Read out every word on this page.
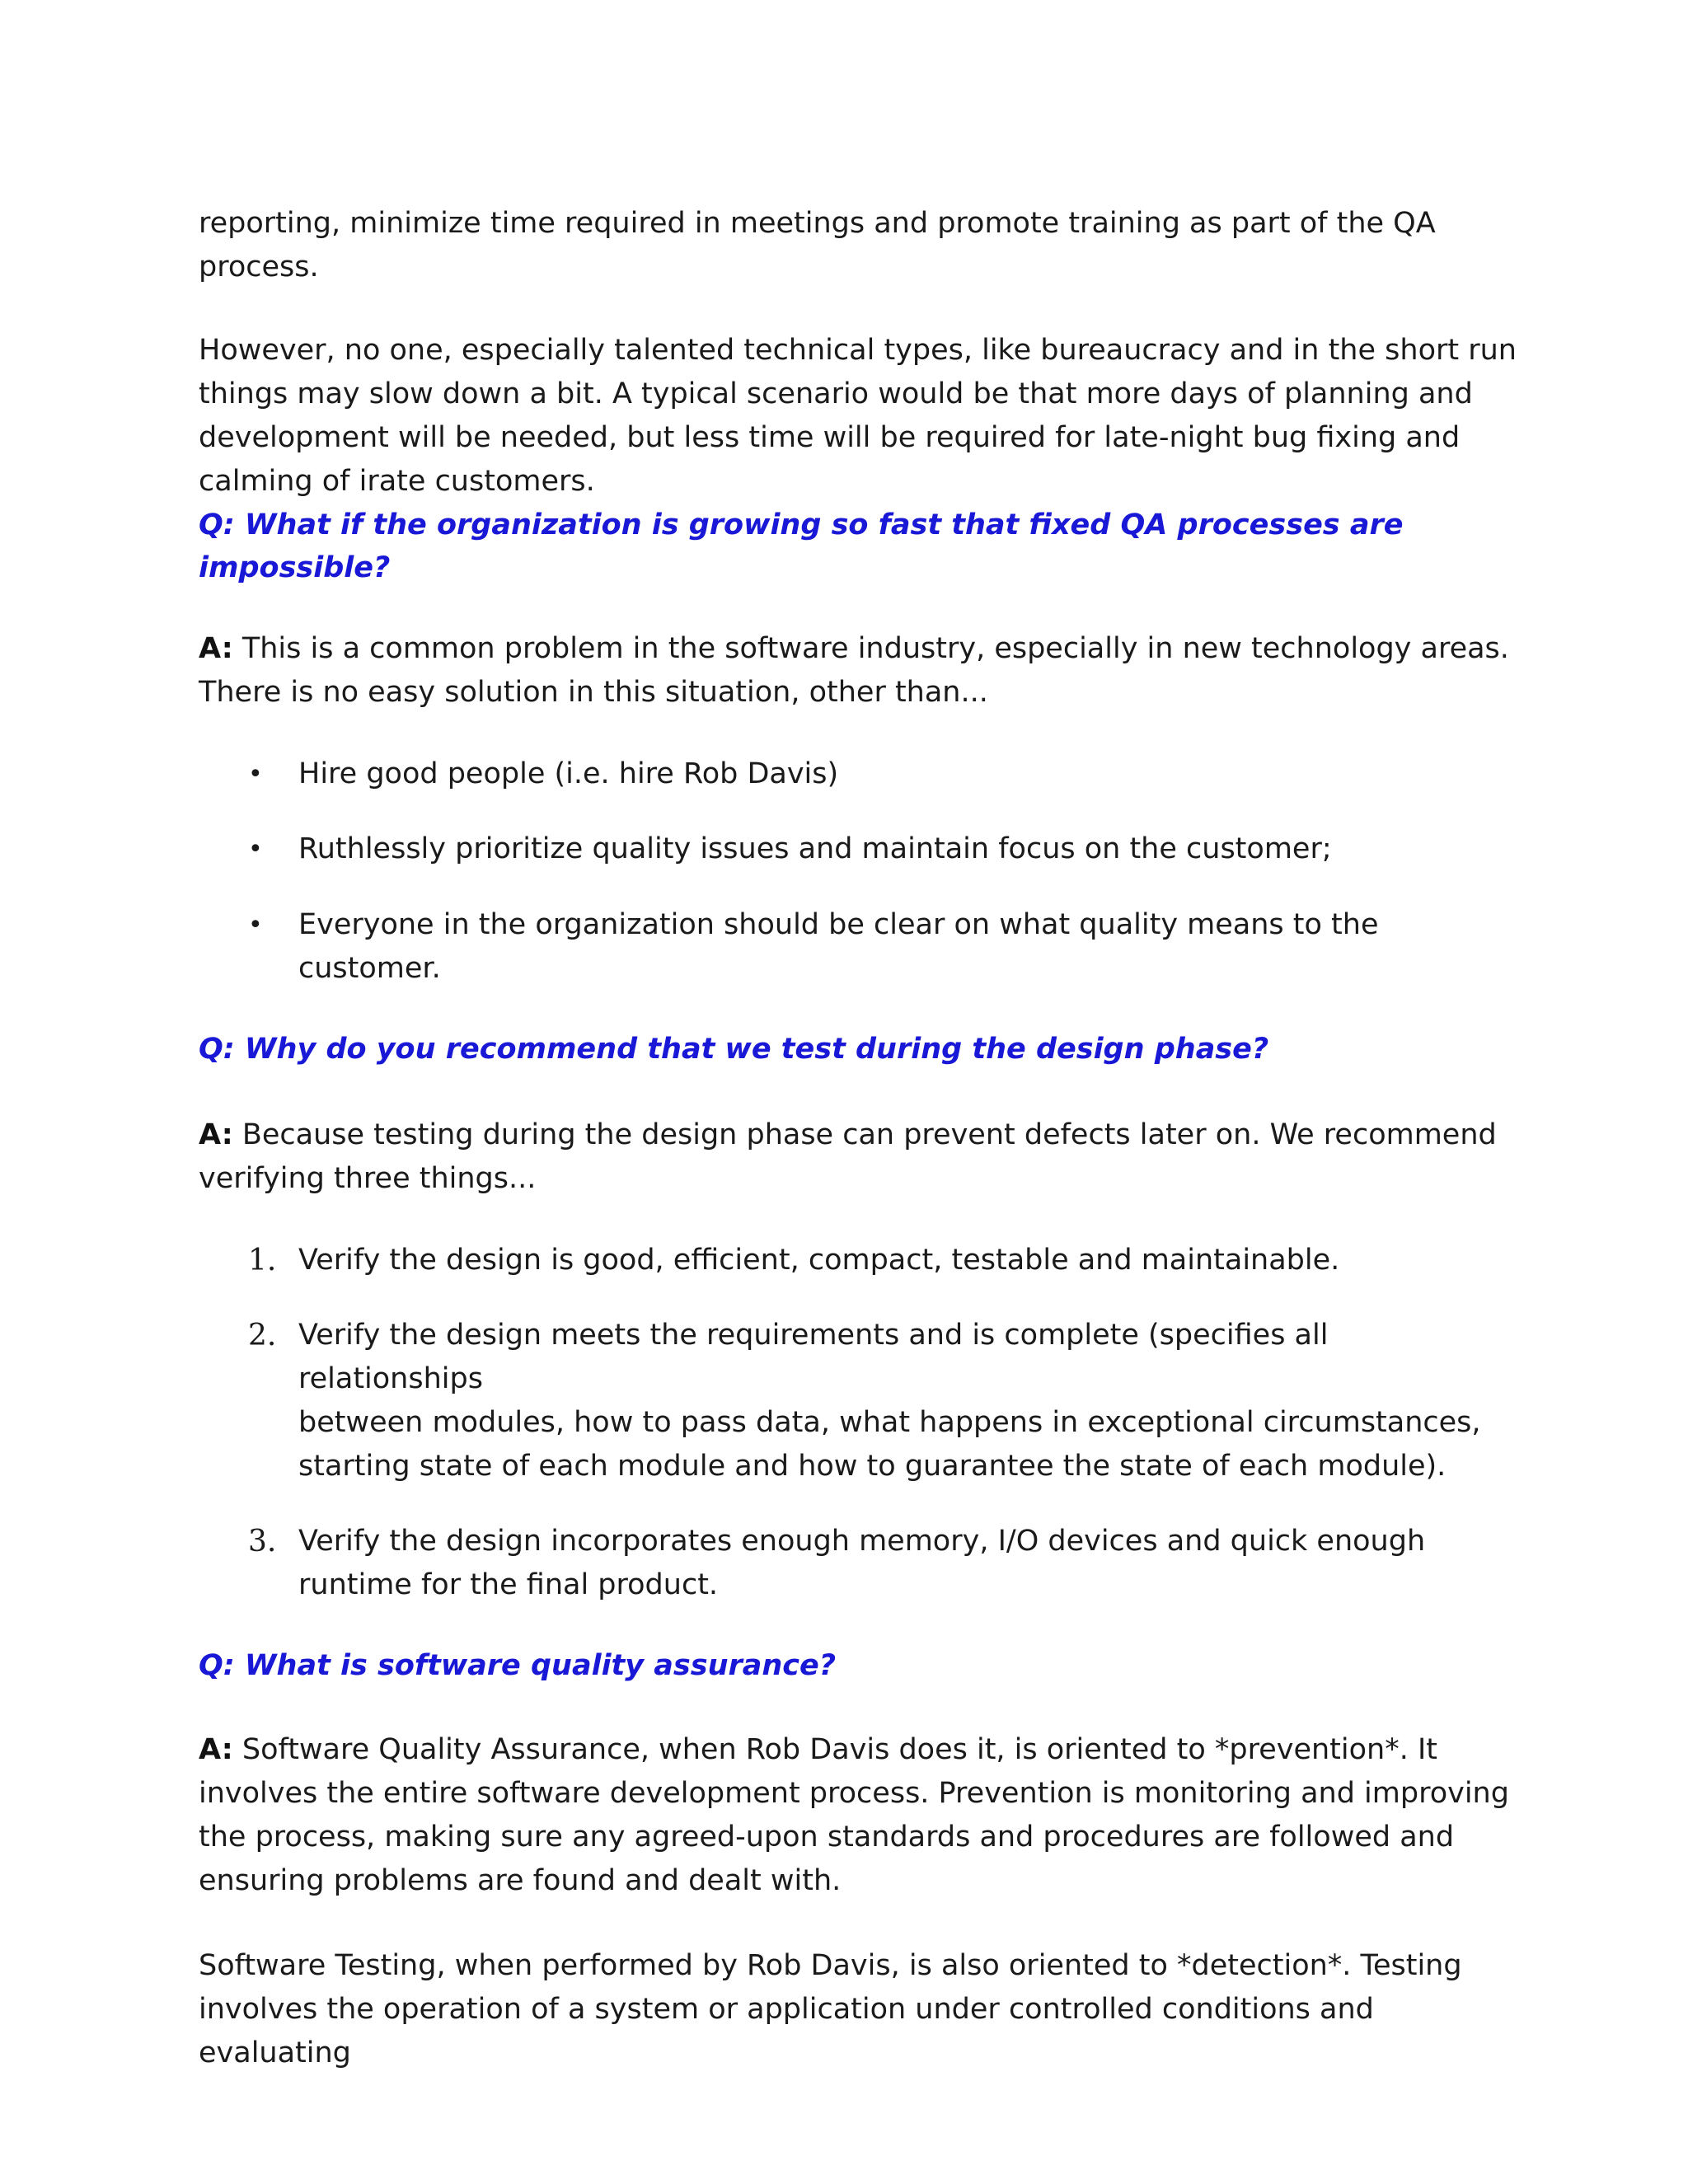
reporting, minimize time required in meetings and promote training as part of the QA
process.

However, no one, especially talented technical types, like bureaucracy and in the short run
things may slow down a bit. A typical scenario would be that more days of planning and
development will be needed, but less time will be required for late-night bug fixing and
calming of irate customers.

Q: What if the organization is growing so fast that fixed QA processes are
impossible?

A: This is a common problem in the software industry, especially in new technology areas.
There is no easy solution in this situation, other than...

• Hire good people (i.e. hire Rob Davis)
• Ruthlessly prioritize quality issues and maintain focus on the customer;
• Everyone in the organization should be clear on what quality means to the customer.

Q: Why do you recommend that we test during the design phase?

A: Because testing during the design phase can prevent defects later on. We recommend
verifying three things...

1. Verify the design is good, efficient, compact, testable and maintainable.
2. Verify the design meets the requirements and is complete (specifies all relationships
between modules, how to pass data, what happens in exceptional circumstances,
starting state of each module and how to guarantee the state of each module).
3. Verify the design incorporates enough memory, I/O devices and quick enough
runtime for the final product.

Q: What is software quality assurance?

A: Software Quality Assurance, when Rob Davis does it, is oriented to *prevention*. It
involves the entire software development process. Prevention is monitoring and improving
the process, making sure any agreed-upon standards and procedures are followed and
ensuring problems are found and dealt with.

Software Testing, when performed by Rob Davis, is also oriented to *detection*. Testing
involves the operation of a system or application under controlled conditions and evaluating
